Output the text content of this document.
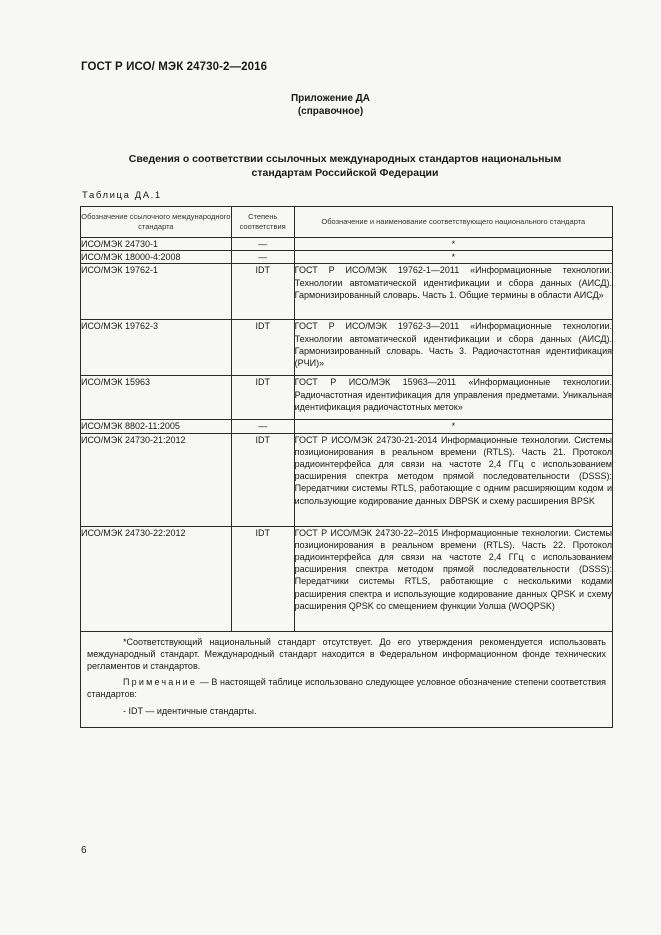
ГОСТ Р ИСО/ МЭК 24730-2—2016
Приложение ДА
(справочное)
Сведения о соответствии ссылочных международных стандартов национальным
стандартам Российской Федерации
Таблица ДА.1
Обозначение ссылочного международного стандарта	Степень соответствия	Обозначение и наименование соответствующего национального стандарта
ИСО/МЭК 24730-1	—	*
ИСО/МЭК 18000-4:2008	—	*
ИСО/МЭК 19762-1	IDT	ГОСТ Р ИСО/МЭК 19762-1—2011 «Информационные технологии. Технологии автоматической идентификации и сбора данных (АИСД). Гармонизированный словарь. Часть 1. Общие термины в области АИСД»
ИСО/МЭК 19762-3	IDT	ГОСТ Р ИСО/МЭК 19762-3—2011 «Информационные технологии. Технологии автоматической идентификации и сбора данных (АИСД). Гармонизированный словарь. Часть 3. Радиочастотная идентификация (РЧИ)»
ИСО/МЭК 15963	IDT	ГОСТ Р ИСО/МЭК 15963—2011 «Информационные технологии. Радиочастотная идентификация для управления предметами. Уникальная идентификация радиочастотных меток»
ИСО/МЭК 8802-11:2005	—	*
ИСО/МЭК 24730-21:2012	IDT	ГОСТ Р ИСО/МЭК 24730-21-2014 Информационные технологии. Системы позиционирования в реальном времени (RTLS). Часть 21. Протокол радиоинтерфейса для связи на частоте 2,4 ГГц с использованием расширения спектра методом прямой последовательности (DSSS): Передатчики системы RTLS, работающие с одним расширяющим кодом и использующие кодирование данных DBPSK и схему расширения BPSK
ИСО/МЭК 24730-22:2012	IDT	ГОСТ Р ИСО/МЭК 24730-22–2015 Информационные технологии. Системы позиционирования в реальном времени (RTLS). Часть 22. Протокол радиоинтерфейса для связи на частоте 2,4 ГГц с использованием расширения спектра методом прямой последовательности (DSSS): Передатчики системы RTLS, работающие с несколькими кодами расширения спектра и использующие кодирование данных QPSK и схему расширения QPSK со смещением функции Уолша (WOQPSK)

*Соответствующий национальный стандарт отсутствует. До его утверждения рекомендуется использовать международный стандарт. Международный стандарт находится в Федеральном информационном фонде технических регламентов и стандартов.

Примечание — В настоящей таблице использовано следующее условное обозначение степени соответствия стандартов:

- IDT — идентичные стандарты.		

6
